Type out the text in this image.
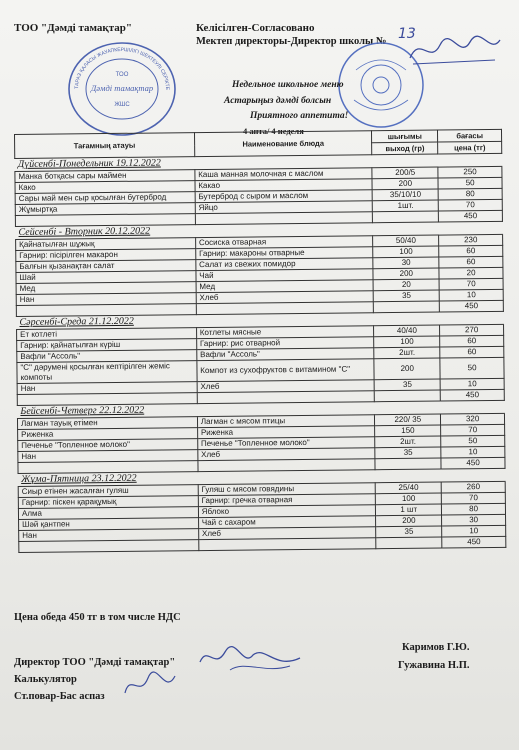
ТОО "Дәмді тамақтар"	Келісілген-Согласовано
Мектеп директоры-Директор школы № 13
ТАРАЗ ҚАЛАСЫ ЖАУАПКЕРШІЛІГІ ШЕКТЕУЛІ СЕРІКТЕ
ТОО
Дәмді тамақтар
ЖШС
Недельное школьное меню
Астарыңыз дәмді болсын
Приятного аппетита!
4 апта/ 4 неделя
Тағамның атауы	Наименование блюда	шығымы	бағасы
		выход (гр)	цена (тг)
Дүйсенбі-Понедельник 19.12.2022			
Манка ботқасы сары маймен	Каша манная молочная с маслом	200/5	250
Како	Какао	200	50
Сары май мен сыр қосылған бутерброд	Бутерброд с сыром и маслом	35/10/10	80
Жұмыртқа	Яйцо	1шт.	70
			450
Сейсенбі - Вторник 20.12.2022			
Қайнатылған шұжық	Сосиска отварная	50/40	230
Гарнир: пісірілген макарон	Гарнир: макароны отварные	100	60
Балғын қызанақтан салат	Салат из свежих помидор	30	60
Шай	Чай	200	20
Мед	Мед	20	70
Нан	Хлеб	35	10
			450
Сәрсенбі-Среда 21.12.2022			
Ет котлеті	Котлеты мясные	40/40	270
Гарнир: қайнатылған күріш	Гарнир: рис отварной	100	60
Вафли "Ассоль"	Вафли "Ассоль"	2шт.	60
"С" дәрумені қосылған кептірілген жеміс компоты	Компот из сухофруктов с витамином "С"	200	50
Нан	Хлеб	35	10
			450
Бейсенбі-Четверг 22.12.2022			
Лагман тауық етімен	Лагман с мясом птицы	220/ 35	320
Риженка	Риженка	150	70
Печенье "Топленное молоко"	Печенье "Топленное молоко"	2шт.	50
Нан	Хлеб	35	10
			450
Жұма-Пятница 23.12.2022			
Сиыр етінен жасалған гуляш	Гуляш с мясом говядины	25/40	260
Гарнир: піскен қарақұмық	Гарнир: гречка отварная	100	70
Алма	Яблоко	1 шт	80
Шәй қантпен	Чай с сахаром	200	30
Нан	Хлеб	35	10
			450
Цена обеда 450 тг в том числе НДС
Директор ТОО "Дәмді тамақтар"
Калькулятор
Ст.повар-Бас аспаз
Каримов Г.Ю.
Гужавина Н.П.
